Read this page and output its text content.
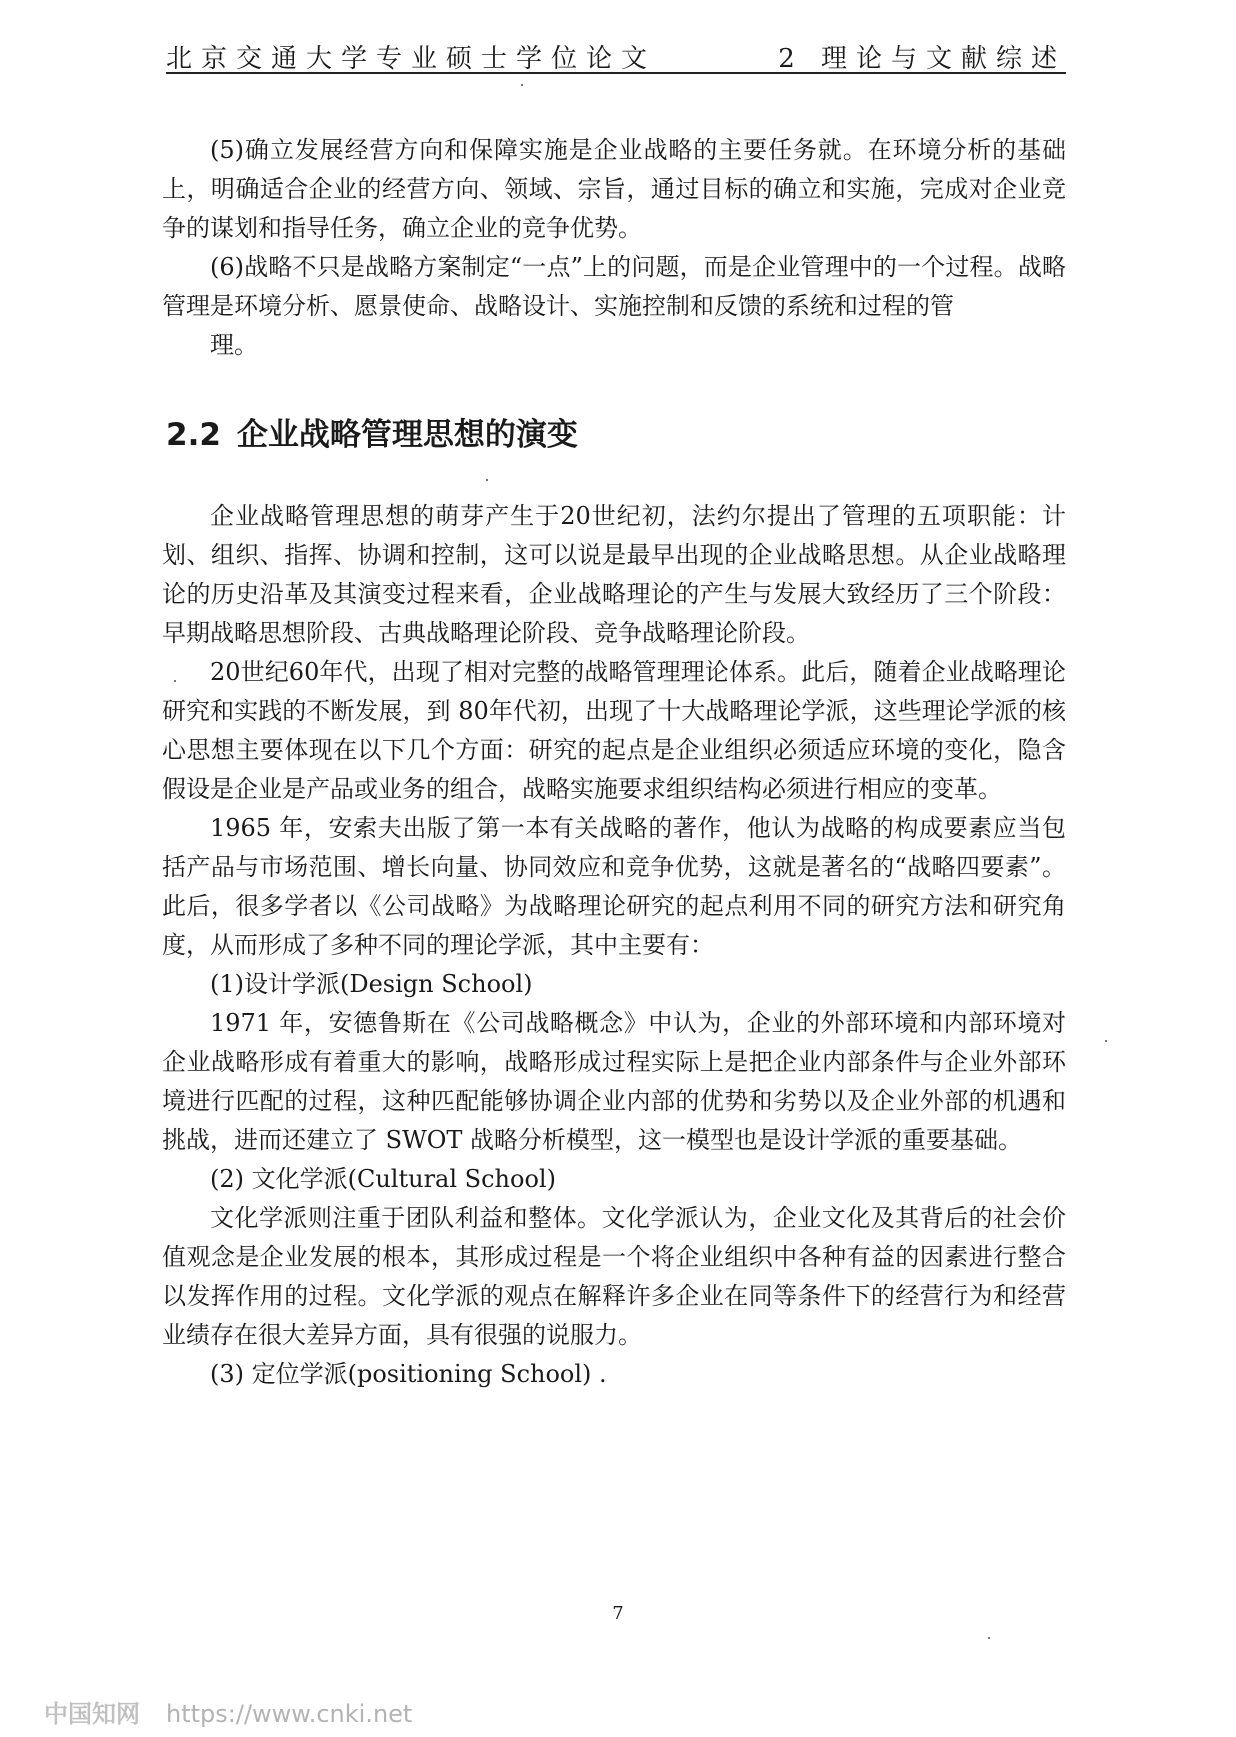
北京交通大学专业硕士学位论文	2 理论与文献综述

(5)确立发展经营方向和保障实施是企业战略的主要任务就。在环境分析的基础上，明确适合企业的经营方向、领域、宗旨，通过目标的确立和实施，完成对企业竞争的谋划和指导任务，确立企业的竞争优势。

(6)战略不只是战略方案制定“一点”上的问题，而是企业管理中的一个过程。战略管理是环境分析、愿景使命、战略设计、实施控制和反馈的系统和过程的管

理。

2.2 企业战略管理思想的演变

企业战略管理思想的萌芽产生于20世纪初，法约尔提出了管理的五项职能：计划、组织、指挥、协调和控制，这可以说是最早出现的企业战略思想。从企业战略理论的历史沿革及其演变过程来看，企业战略理论的产生与发展大致经历了三个阶段：早期战略思想阶段、古典战略理论阶段、竞争战略理论阶段。

20世纪60年代，出现了相对完整的战略管理理论体系。此后，随着企业战略理论研究和实践的不断发展，到 80年代初，出现了十大战略理论学派，这些理论学派的核心思想主要体现在以下几个方面：研究的起点是企业组织必须适应环境的变化，隐含假设是企业是产品或业务的组合，战略实施要求组织结构必须进行相应的变革。

1965 年，安索夫出版了第一本有关战略的著作，他认为战略的构成要素应当包括产品与市场范围、增长向量、协同效应和竞争优势，这就是著名的“战略四要素”。此后，很多学者以《公司战略》为战略理论研究的起点利用不同的研究方法和研究角度，从而形成了多种不同的理论学派，其中主要有：

(1)设计学派(Design School)

1971 年，安德鲁斯在《公司战略概念》中认为，企业的外部环境和内部环境对企业战略形成有着重大的影响，战略形成过程实际上是把企业内部条件与企业外部环境进行匹配的过程，这种匹配能够协调企业内部的优势和劣势以及企业外部的机遇和挑战，进而还建立了 SWOT 战略分析模型，这一模型也是设计学派的重要基础。

(2) 文化学派(Cultural School)

文化学派则注重于团队利益和整体。文化学派认为，企业文化及其背后的社会价值观念是企业发展的根本，其形成过程是一个将企业组织中各种有益的因素进行整合以发挥作用的过程。文化学派的观点在解释许多企业在同等条件下的经营行为和经营业绩存在很大差异方面，具有很强的说服力。

(3) 定位学派(positioning School) .

7
中国知网 https://www.cnki.net
